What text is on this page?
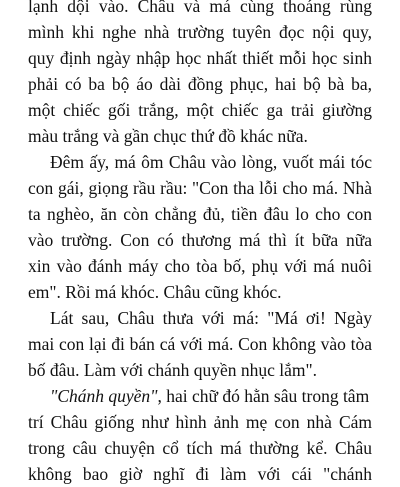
lạnh dội vào. Châu và má cùng thoáng rùng
mình khi nghe nhà trường tuyên đọc nội quy,
quy định ngày nhập học nhất thiết mỗi học sinh
phải có ba bộ áo dài đồng phục, hai bộ bà ba,
một chiếc gối trắng, một chiếc ga trải giường
màu trắng và gần chục thứ đồ khác nữa.
Đêm ấy, má ôm Châu vào lòng, vuốt mái tóc
con gái, giọng rầu rầu: "Con tha lỗi cho má. Nhà
ta nghèo, ăn còn chẳng đủ, tiền đâu lo cho con
vào trường. Con có thương má thì ít bữa nữa
xin vào đánh máy cho tòa bố, phụ với má nuôi
em". Rồi má khóc. Châu cũng khóc.
Lát sau, Châu thưa với má: "Má ơi! Ngày
mai con lại đi bán cá với má. Con không vào tòa
bố đâu. Làm với chánh quyền nhục lắm".
"Chánh quyền", hai chữ đó hằn sâu trong tâm
trí Châu giống như hình ảnh mẹ con nhà Cám
trong câu chuyện cổ tích má thường kể. Châu
không bao giờ nghĩ đi làm với cái "chánh
